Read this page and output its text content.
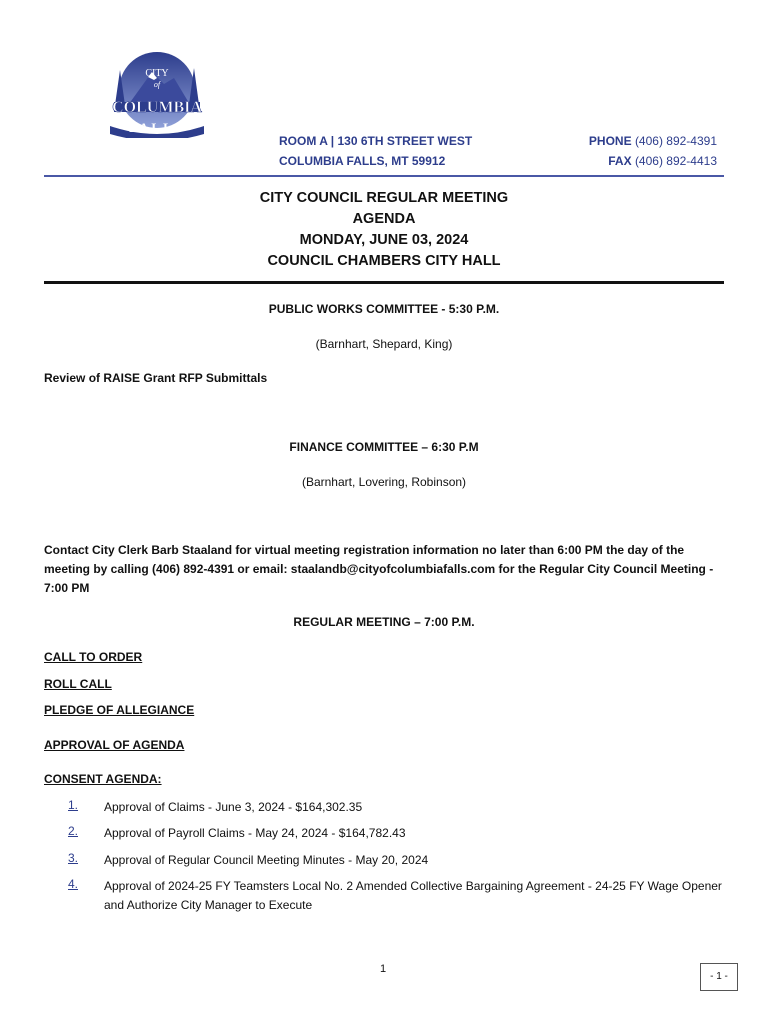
CITY
of
COLUMBIA
FALLS
ROOM A | 130 6TH STREET WEST
COLUMBIA FALLS, MT 59912
PHONE (406) 892-4391
FAX (406) 892-4413
CITY COUNCIL REGULAR MEETING
AGENDA
MONDAY, JUNE 03, 2024
COUNCIL CHAMBERS CITY HALL
PUBLIC WORKS COMMITTEE - 5:30 P.M.
(Barnhart, Shepard, King)
Review of RAISE Grant RFP Submittals
FINANCE COMMITTEE – 6:30 P.M
(Barnhart, Lovering, Robinson)
Contact City Clerk Barb Staaland for virtual meeting registration information no later than 6:00 PM the day of the meeting by calling (406) 892-4391 or email: staalandb@cityofcolumbiafalls.com for the Regular City Council Meeting - 7:00 PM
REGULAR MEETING – 7:00 P.M.
CALL TO ORDER
ROLL CALL
PLEDGE OF ALLEGIANCE
APPROVAL OF AGENDA
CONSENT AGENDA:
1. Approval of Claims - June 3, 2024 - $164,302.35
2. Approval of Payroll Claims - May 24, 2024 - $164,782.43
3. Approval of Regular Council Meeting Minutes - May 20, 2024
4. Approval of 2024-25 FY Teamsters Local No. 2 Amended Collective Bargaining Agreement - 24-25 FY Wage Opener and Authorize City Manager to Execute
1
- 1 -
